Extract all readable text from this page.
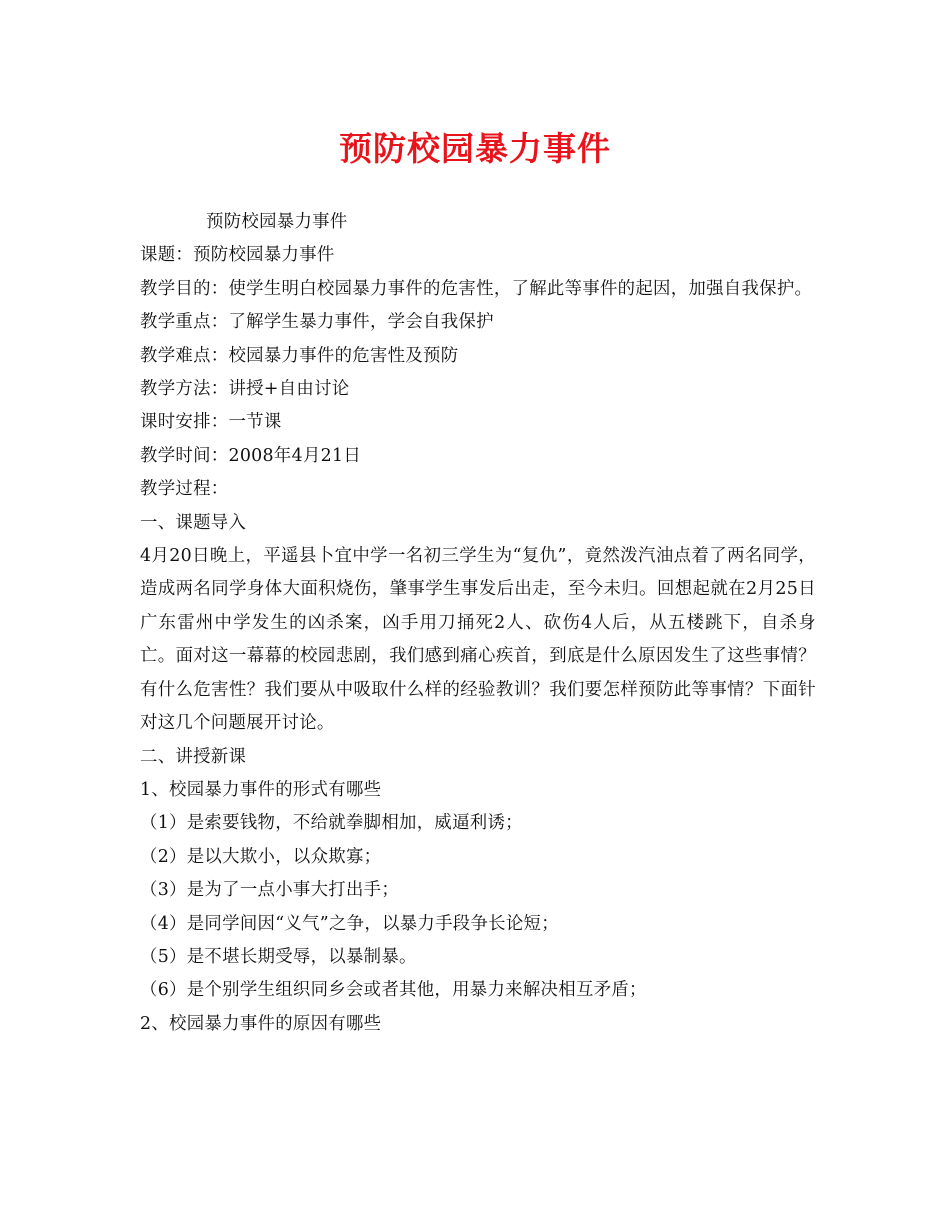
预防校园暴力事件

预防校园暴力事件

课题：预防校园暴力事件

教学目的：使学生明白校园暴力事件的危害性，了解此等事件的起因，加强自我保护。

教学重点：了解学生暴力事件，学会自我保护

教学难点：校园暴力事件的危害性及预防

教学方法：讲授+自由讨论

课时安排：一节课

教学时间：2008年4月21日

教学过程：

一、课题导入

4月20日晚上，平遥县卜宜中学一名初三学生为“复仇”，竟然泼汽油点着了两名同学，造成两名同学身体大面积烧伤，肇事学生事发后出走，至今未归。回想起就在2月25日广东雷州中学发生的凶杀案，凶手用刀捅死2人、砍伤4人后，从五楼跳下，自杀身亡。面对这一幕幕的校园悲剧，我们感到痛心疾首，到底是什么原因发生了这些事情？有什么危害性？我们要从中吸取什么样的经验教训？我们要怎样预防此等事情？下面针对这几个问题展开讨论。

二、讲授新课

1、校园暴力事件的形式有哪些

（1）是索要钱物，不给就拳脚相加，威逼利诱；

（2）是以大欺小，以众欺寡；

（3）是为了一点小事大打出手；

（4）是同学间因“义气”之争，以暴力手段争长论短；

（5）是不堪长期受辱，以暴制暴。

（6）是个别学生组织同乡会或者其他，用暴力来解决相互矛盾；

2、校园暴力事件的原因有哪些
